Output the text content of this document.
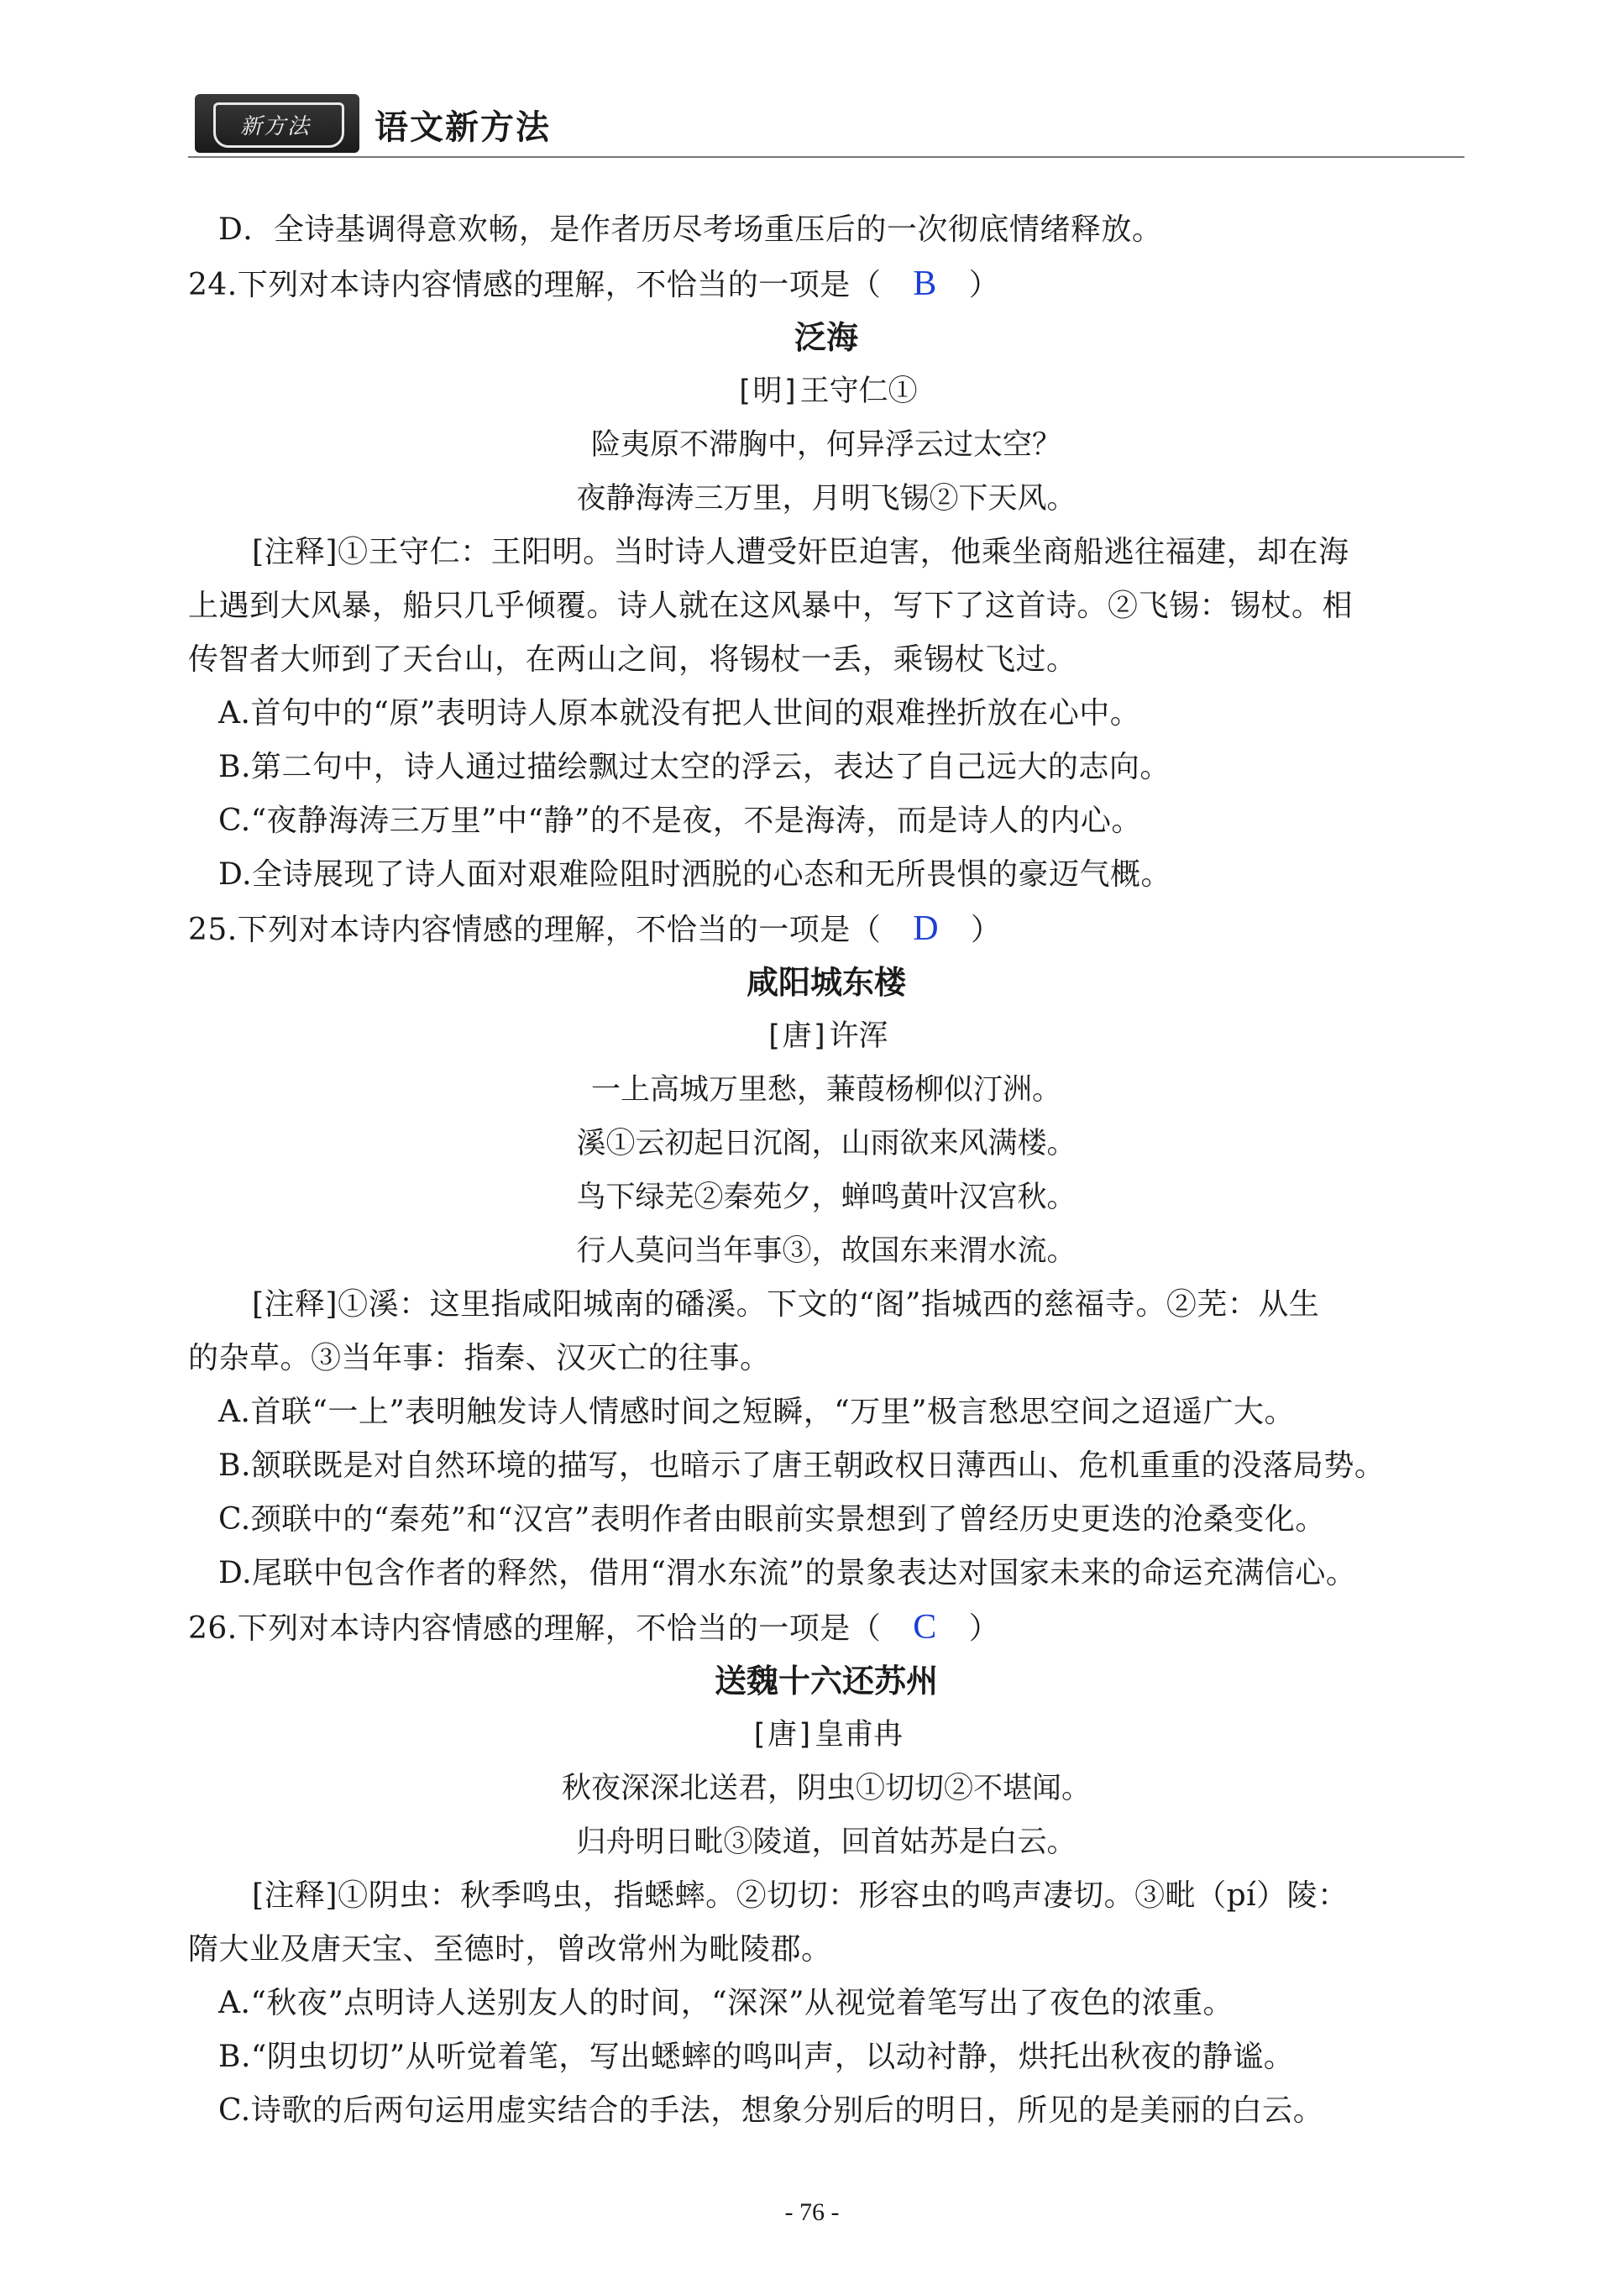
新方法 语文新方法
D．全诗基调得意欢畅，是作者历尽考场重压后的一次彻底情绪释放。
24.下列对本诗内容情感的理解，不恰当的一项是（ B ）
泛海
[明]王守仁①
险夷原不滞胸中，何异浮云过太空？
夜静海涛三万里，月明飞锡②下天风。
[注释]①王守仁：王阳明。当时诗人遭受奸臣迫害，他乘坐商船逃往福建，却在海
上遇到大风暴，船只几乎倾覆。诗人就在这风暴中，写下了这首诗。②飞锡：锡杖。相
传智者大师到了天台山，在两山之间，将锡杖一丢，乘锡杖飞过。
A.首句中的“原”表明诗人原本就没有把人世间的艰难挫折放在心中。
B.第二句中，诗人通过描绘飘过太空的浮云，表达了自己远大的志向。
C.“夜静海涛三万里”中“静”的不是夜，不是海涛，而是诗人的内心。
D.全诗展现了诗人面对艰难险阻时洒脱的心态和无所畏惧的豪迈气概。
25.下列对本诗内容情感的理解，不恰当的一项是（ D ）
咸阳城东楼
[唐]许浑
一上高城万里愁，蒹葭杨柳似汀洲。
溪①云初起日沉阁，山雨欲来风满楼。
鸟下绿芜②秦苑夕，蝉鸣黄叶汉宫秋。
行人莫问当年事③，故国东来渭水流。
[注释]①溪：这里指咸阳城南的磻溪。下文的“阁”指城西的慈福寺。②芜：从生
的杂草。③当年事：指秦、汉灭亡的往事。
A.首联“一上”表明触发诗人情感时间之短瞬，“万里”极言愁思空间之迢遥广大。
B.颔联既是对自然环境的描写，也暗示了唐王朝政权日薄西山、危机重重的没落局势。
C.颈联中的“秦苑”和“汉宫”表明作者由眼前实景想到了曾经历史更迭的沧桑变化。
D.尾联中包含作者的释然，借用“渭水东流”的景象表达对国家未来的命运充满信心。
26.下列对本诗内容情感的理解，不恰当的一项是（ C ）
送魏十六还苏州
[唐]皇甫冉
秋夜深深北送君，阴虫①切切②不堪闻。
归舟明日毗③陵道，回首姑苏是白云。
[注释]①阴虫：秋季鸣虫，指蟋蟀。②切切：形容虫的鸣声凄切。③毗（pí）陵：
隋大业及唐天宝、至德时，曾改常州为毗陵郡。
A.“秋夜”点明诗人送别友人的时间，“深深”从视觉着笔写出了夜色的浓重。
B.“阴虫切切”从听觉着笔，写出蟋蟀的鸣叫声，以动衬静，烘托出秋夜的静谧。
C.诗歌的后两句运用虚实结合的手法，想象分别后的明日，所见的是美丽的白云。
- 76 -
